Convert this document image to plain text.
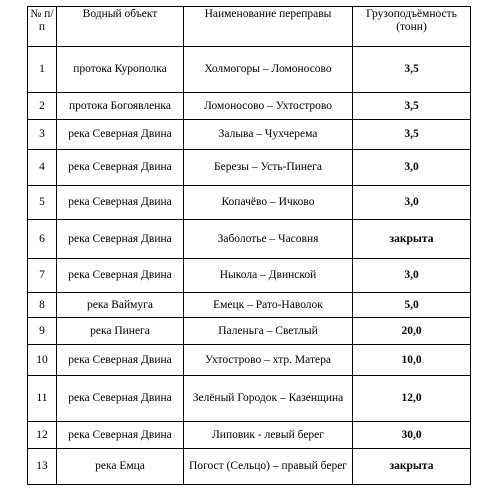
№ п/п	Водный объект	Наименование переправы	Грузоподъёмность (тонн)
1	протока Курополка	Холмогоры – Ломоносово	3,5
2	протока Богоявленка	Ломоносово – Ухтострово	3,5
3	река Северная Двина	Залыва – Чухчерема	3,5
4	река Северная Двина	Березы – Усть-Пинега	3,0
5	река Северная Двина	Копачёво – Ичково	3,0
6	река Северная Двина	Заболотье – Часовня	закрыта
7	река Северная Двина	Ныкола – Двинской	3,0
8	река Ваймуга	Емецк – Рато-Наволок	5,0
9	река Пинега	Паленьга – Светлый	20,0
10	река Северная Двина	Ухтострово – хтр. Матера	10,0
11	река Северная Двина	Зелёный Городок – Казенщина	12,0
12	река Северная Двина	Липовик - левый берег	30,0
13	река Емца	Погост (Сельцо) – правый берег	закрыта
